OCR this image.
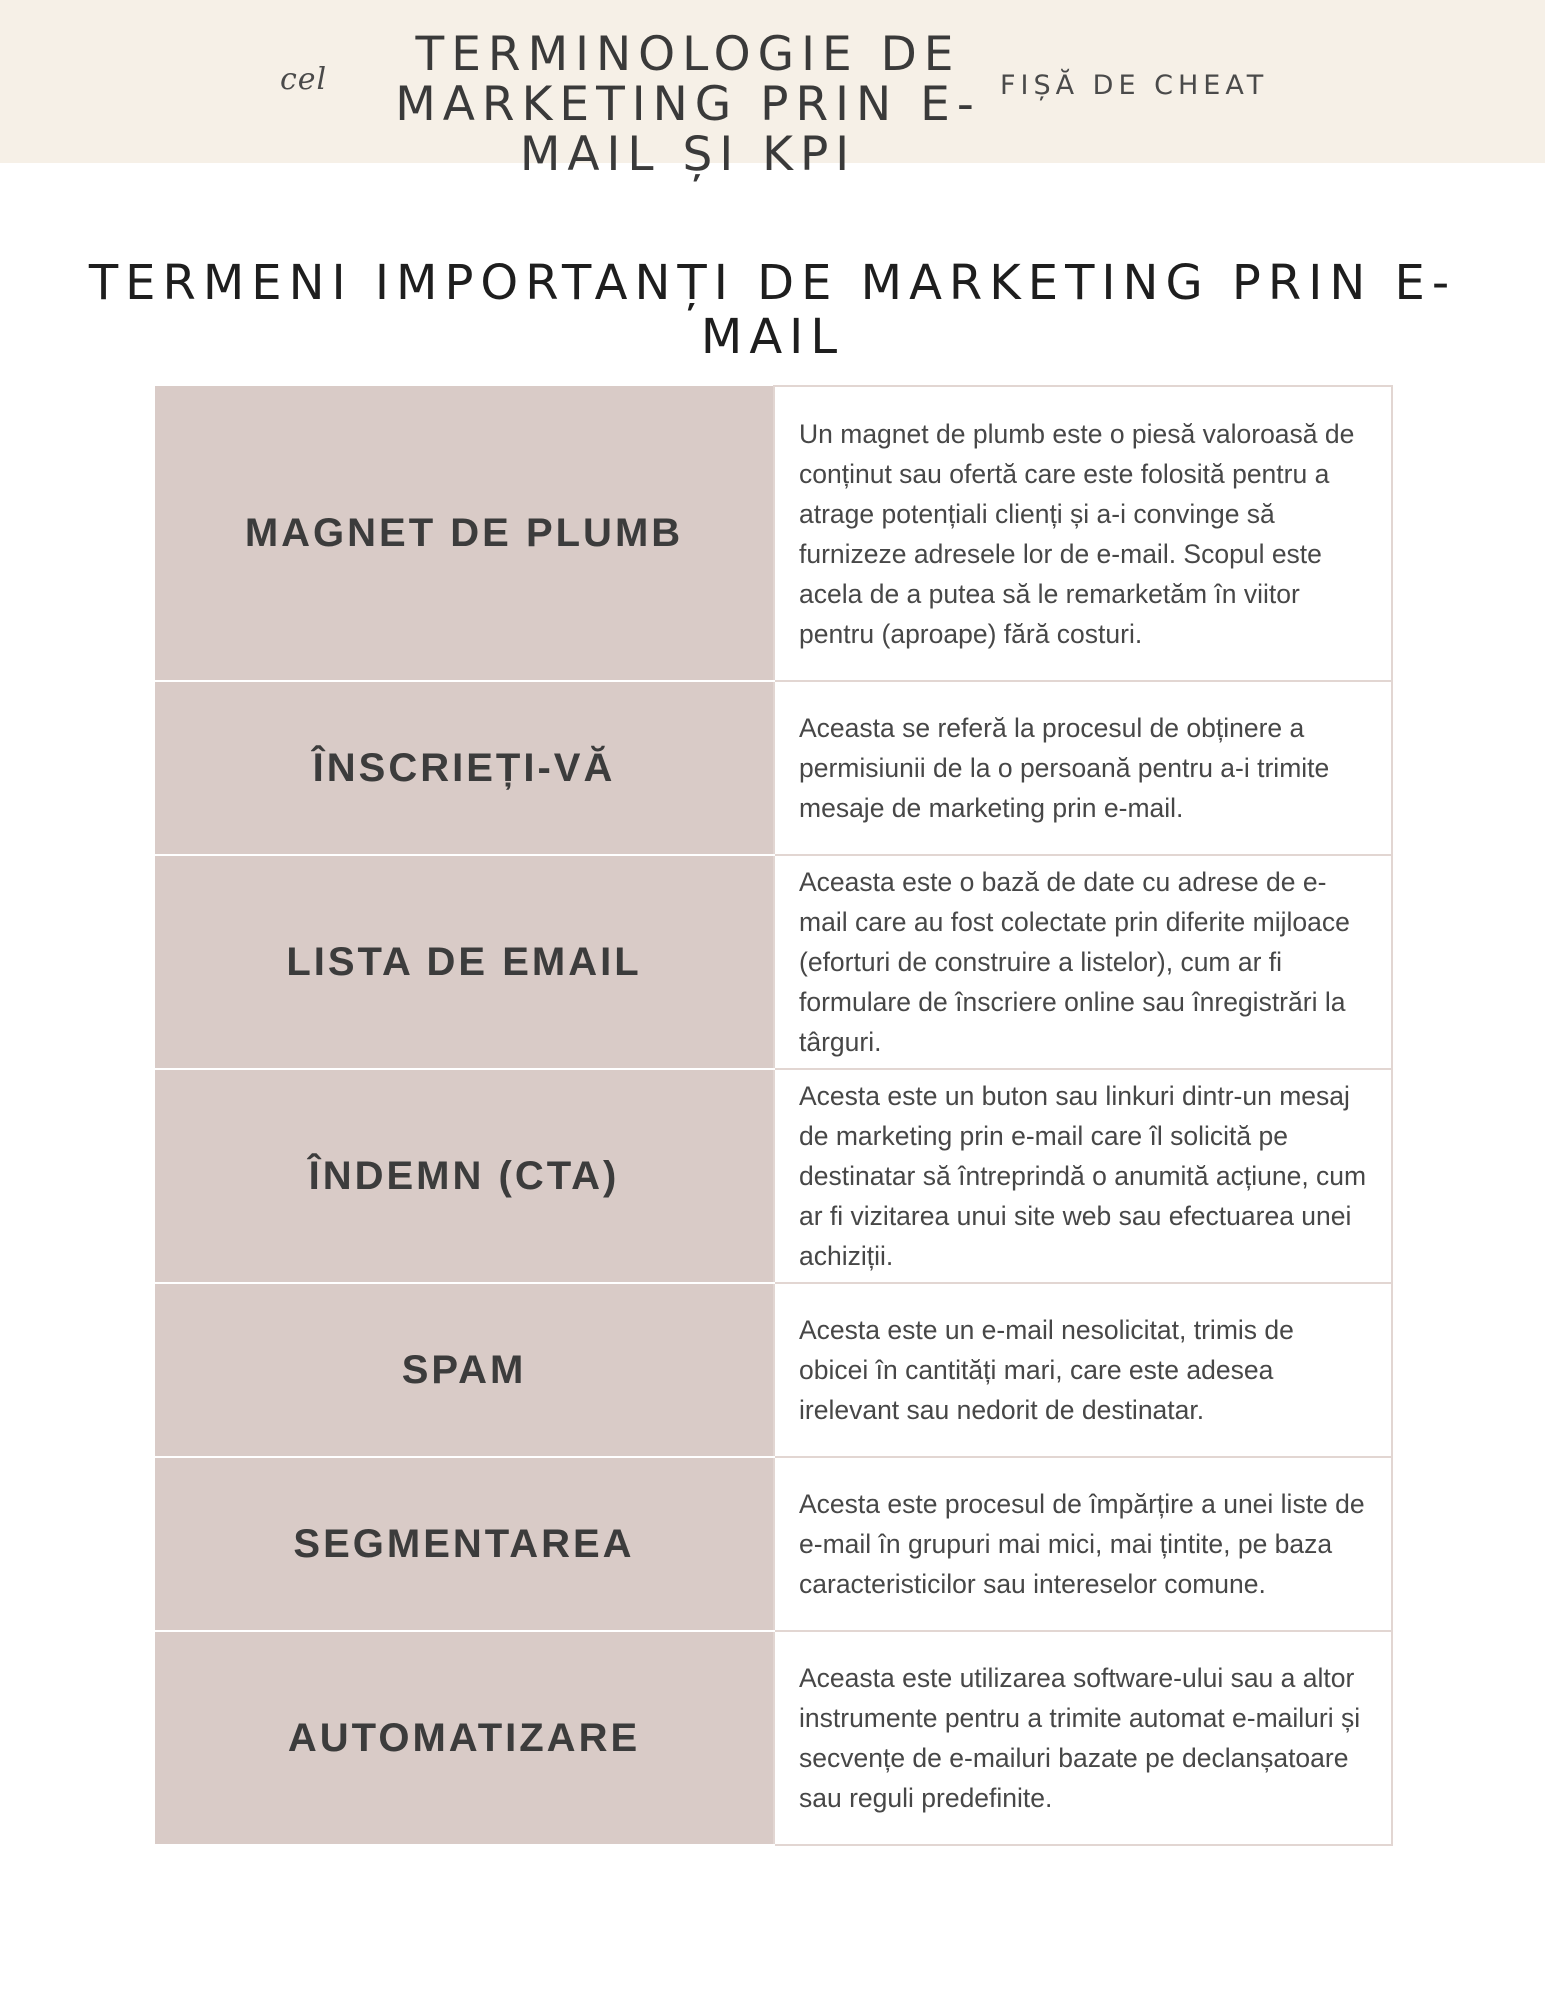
cel	TERMINOLOGIE DE MARKETING PRIN E-MAIL ȘI KPI
FIȘĂ DE CHEAT
TERMENI IMPORTANȚI DE MARKETING PRIN E-MAIL
MAGNET DE PLUMB	Un magnet de plumb este o piesă valoroasă de conținut sau ofertă care este folosită pentru a atrage potențiali clienți și a-i convinge să furnizeze adresele lor de e-mail. Scopul este acela de a putea să le remarketăm în viitor pentru (aproape) fără costuri.

ÎNSCRIEȚI-VĂ	Aceasta se referă la procesul de obținere a permisiunii de la o persoană pentru a-i trimite mesaje de marketing prin e-mail.

LISTA DE EMAIL	Aceasta este o bază de date cu adrese de e-mail care au fost colectate prin diferite mijloace (eforturi de construire a listelor), cum ar fi formulare de înscriere online sau înregistrări la târguri.

ÎNDEMN (CTA)	Acesta este un buton sau linkuri dintr-un mesaj de marketing prin e-mail care îl solicită pe destinatar să întreprindă o anumită acțiune, cum ar fi vizitarea unui site web sau efectuarea unei achiziții.

SPAM	Acesta este un e-mail nesolicitat, trimis de obicei în cantități mari, care este adesea irelevant sau nedorit de destinatar.

SEGMENTAREA	Acesta este procesul de împărțire a unei liste de e-mail în grupuri mai mici, mai țintite, pe baza caracteristicilor sau intereselor comune.

AUTOMATIZARE	Aceasta este utilizarea software-ului sau a altor instrumente pentru a trimite automat e-mailuri și secvențe de e-mailuri bazate pe declanșatoare sau reguli predefinite.
